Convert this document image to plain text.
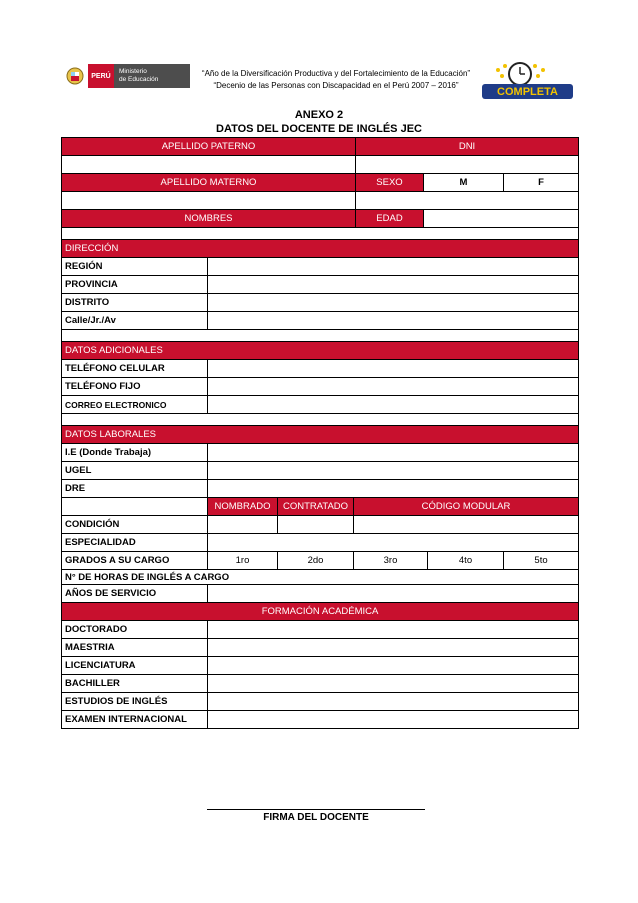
PERÚ
Ministerio
de Educación
“Año de la Diversificación Productiva y del Fortalecimiento de la Educación”
“Decenio de las Personas con Discapacidad en el Perú 2007 – 2016”
COMPLETA
ANEXO 2
DATOS DEL DOCENTE DE INGLÉS JEC
APELLIDO PATERNO	DNI		

APELLIDO MATERNO	SEXO	M	F

NOMBRES	EDAD		

DIRECCIÓN					
REGIÓN					
PROVINCIA					
DISTRITO					
Calle/Jr./Av					

DATOS ADICIONALES					
TELÉFONO CELULAR					
TELÉFONO FIJO					
CORREO ELECTRONICO					

DATOS LABORALES					
I.E (Donde Trabaja)					
UGEL					
DRE					
	NOMBRADO	CONTRATADO	CÓDIGO MODULAR		
CONDICIÓN					
ESPECIALIDAD					
GRADOS A SU CARGO	1ro	2do	3ro	4to	5to
N° DE HORAS DE INGLÉS A CARGO					
AÑOS DE SERVICIO					
FORMACIÓN ACADÉMICA					
DOCTORADO					
MAESTRIA					
LICENCIATURA					
BACHILLER					
ESTUDIOS DE INGLÉS					
EXAMEN INTERNACIONAL					
FIRMA DEL DOCENTE
